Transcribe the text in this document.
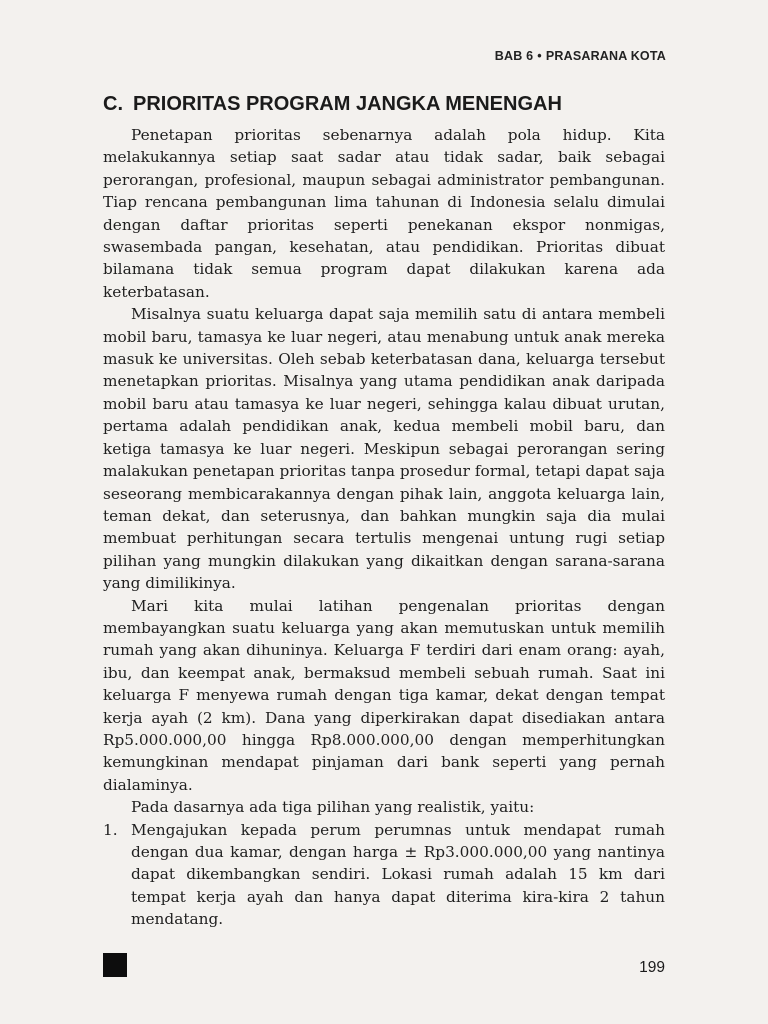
BAB 6 • PRASARANA KOTA
C. PRIORITAS PROGRAM JANGKA MENENGAH

Penetapan prioritas sebenarnya adalah pola hidup. Kita melakukannya setiap saat sadar atau tidak sadar, baik sebagai perorangan, profesional, maupun sebagai administrator pembangunan. Tiap rencana pembangunan lima tahunan di Indonesia selalu dimulai dengan daftar prioritas seperti penekanan ekspor nonmigas, swasembada pangan, kesehatan, atau pendidikan. Prioritas dibuat bilamana tidak semua program dapat dilakukan karena ada keterbatasan.

Misalnya suatu keluarga dapat saja memilih satu di antara membeli mobil baru, tamasya ke luar negeri, atau menabung untuk anak mereka masuk ke universitas. Oleh sebab keterbatasan dana, keluarga tersebut menetapkan prioritas. Misalnya yang utama pendidikan anak daripada mobil baru atau tamasya ke luar negeri, sehingga kalau dibuat urutan, pertama adalah pendidikan anak, kedua membeli mobil baru, dan ketiga tamasya ke luar negeri. Meskipun sebagai perorangan sering malakukan penetapan prioritas tanpa prosedur formal, tetapi dapat saja seseorang membicarakannya dengan pihak lain, anggota keluarga lain, teman dekat, dan seterusnya, dan bahkan mungkin saja dia mulai membuat perhitungan secara tertulis mengenai untung rugi setiap pilihan yang mungkin dilakukan yang dikaitkan dengan sarana-sarana yang dimilikinya.

Mari kita mulai latihan pengenalan prioritas dengan membayangkan suatu keluarga yang akan memutuskan untuk memilih rumah yang akan dihuninya. Keluarga F terdiri dari enam orang: ayah, ibu, dan keempat anak, bermaksud membeli sebuah rumah. Saat ini keluarga F menyewa rumah dengan tiga kamar, dekat dengan tempat kerja ayah (2 km). Dana yang diperkirakan dapat disediakan antara Rp5.000.000,00 hingga Rp8.000.000,00 dengan memperhitungkan kemungkinan mendapat pinjaman dari bank seperti yang pernah dialaminya.

Pada dasarnya ada tiga pilihan yang realistik, yaitu:

1. Mengajukan kepada perum perumnas untuk mendapat rumah dengan dua kamar, dengan harga ± Rp3.000.000,00 yang nantinya dapat dikembangkan sendiri. Lokasi rumah adalah 15 km dari tempat kerja ayah dan hanya dapat diterima kira-kira 2 tahun mendatang.
199
